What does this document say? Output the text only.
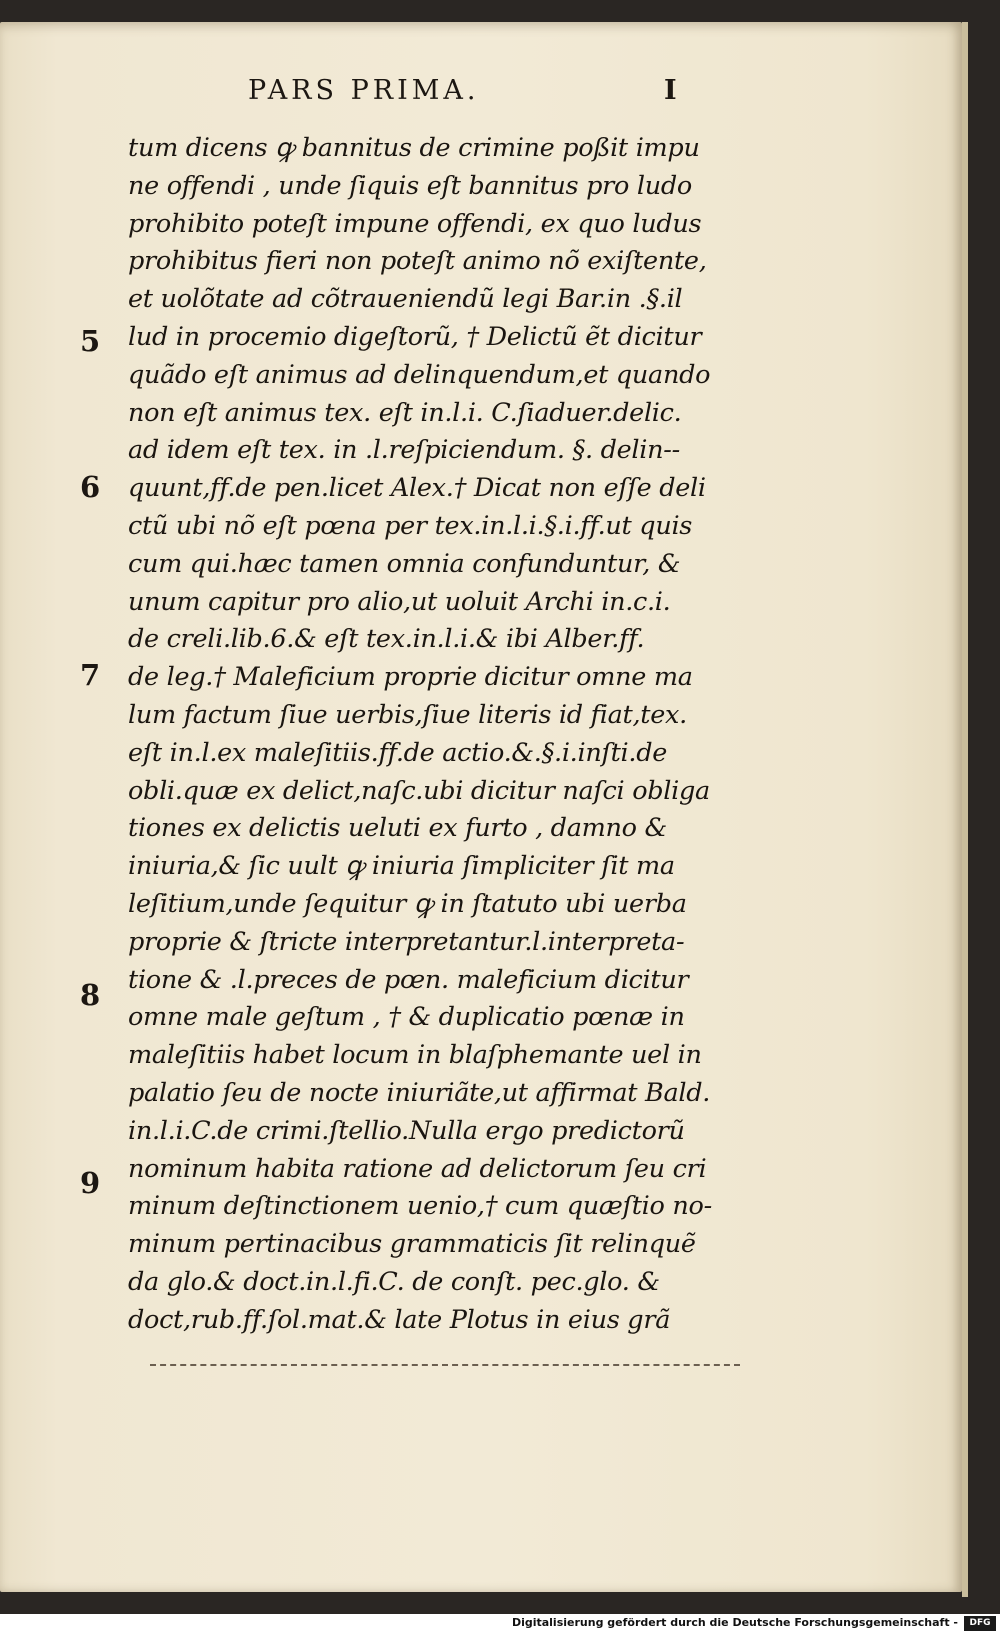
PARS PRIMA.	I
5
6
7
8
9
tum dicens ꝙ bannitus de crimine poßit impu
ne offendi , unde ſiquis eſt bannitus pro ludo
prohibito poteſt impune offendi, ex quo ludus
prohibitus fieri non poteſt animo nõ exiſtente,
et uolõtate ad cõtraueniendũ legi Bar.in .§.il
lud in procemio digeſtorũ, † Delictũ ẽt dicitur
quãdo eſt animus ad delinquendum,et quando
non eſt animus tex. eſt in.l.i. C.ſiaduer.delic.
ad idem eſt tex. in .l.reſpiciendum. §. delin--
quunt,ff.de pen.licet Alex.† Dicat non eſſe deli
ctũ ubi nõ eſt pœna per tex.in.l.i.§.i.ff.ut quis
cum qui.hæc tamen omnia confunduntur, &
unum capitur pro alio,ut uoluit Archi in.c.i.
de creli.lib.6.& eſt tex.in.l.i.& ibi Alber.ff.
de leg.† Maleficium proprie dicitur omne ma
lum factum ſiue uerbis,ſiue literis id fiat,tex.
eſt in.l.ex maleſitiis.ff.de actio.&.§.i.inſti.de
obli.quæ ex delict,naſc.ubi dicitur naſci obliga
tiones ex delictis ueluti ex furto , damno &
iniuria,& ſic uult ꝙ iniuria ſimpliciter ſit ma
leſitium,unde ſequitur ꝙ in ſtatuto ubi uerba
proprie & ſtricte interpretantur.l.interpreta-
tione & .l.preces de pœn. maleficium dicitur
omne male geſtum , † & duplicatio pœnæ in
maleſitiis habet locum in blaſphemante uel in
palatio ſeu de nocte iniuriãte,ut affirmat Bald.
in.l.i.C.de crimi.ſtellio.Nulla ergo predictorũ
nominum habita ratione ad delictorum ſeu cri
minum deſtinctionem uenio,† cum quæſtio no-
minum pertinacibus grammaticis ſit relinquẽ
da glo.& doct.in.l.fi.C. de conſt. pec.glo. &
doct,rub.ff.ſol.mat.& late Plotus in eius grã
Digitalisierung gefördert durch die Deutsche Forschungsgemeinschaft -	DFG
